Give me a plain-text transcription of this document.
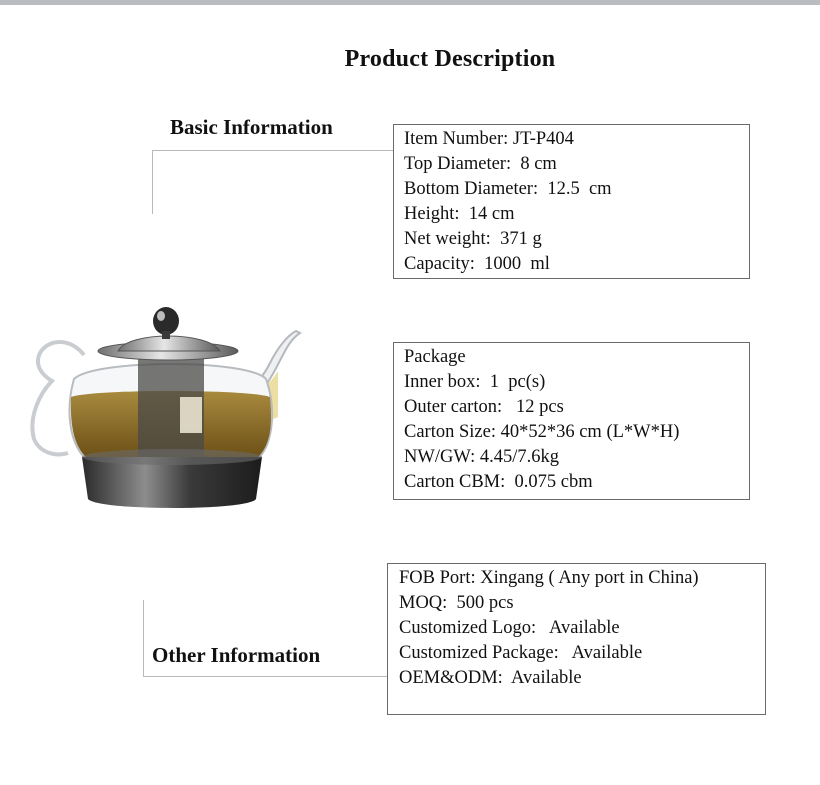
Product Description
Basic Information	Item Number: JT-P404
Top Diameter:  8 cm
Bottom Diameter:  12.5  cm
Height:  14 cm
Net weight:  371 g
Capacity:  1000  ml
Package
Inner box:  1  pc(s)
Outer carton:   12 pcs
Carton Size: 40*52*36 cm (L*W*H)
NW/GW: 4.45/7.6kg
Carton CBM:  0.075 cbm
Other Information
FOB Port: Xingang ( Any port in China)
MOQ:  500 pcs
Customized Logo:   Available
Customized Package:   Available
OEM&ODM:  Available
